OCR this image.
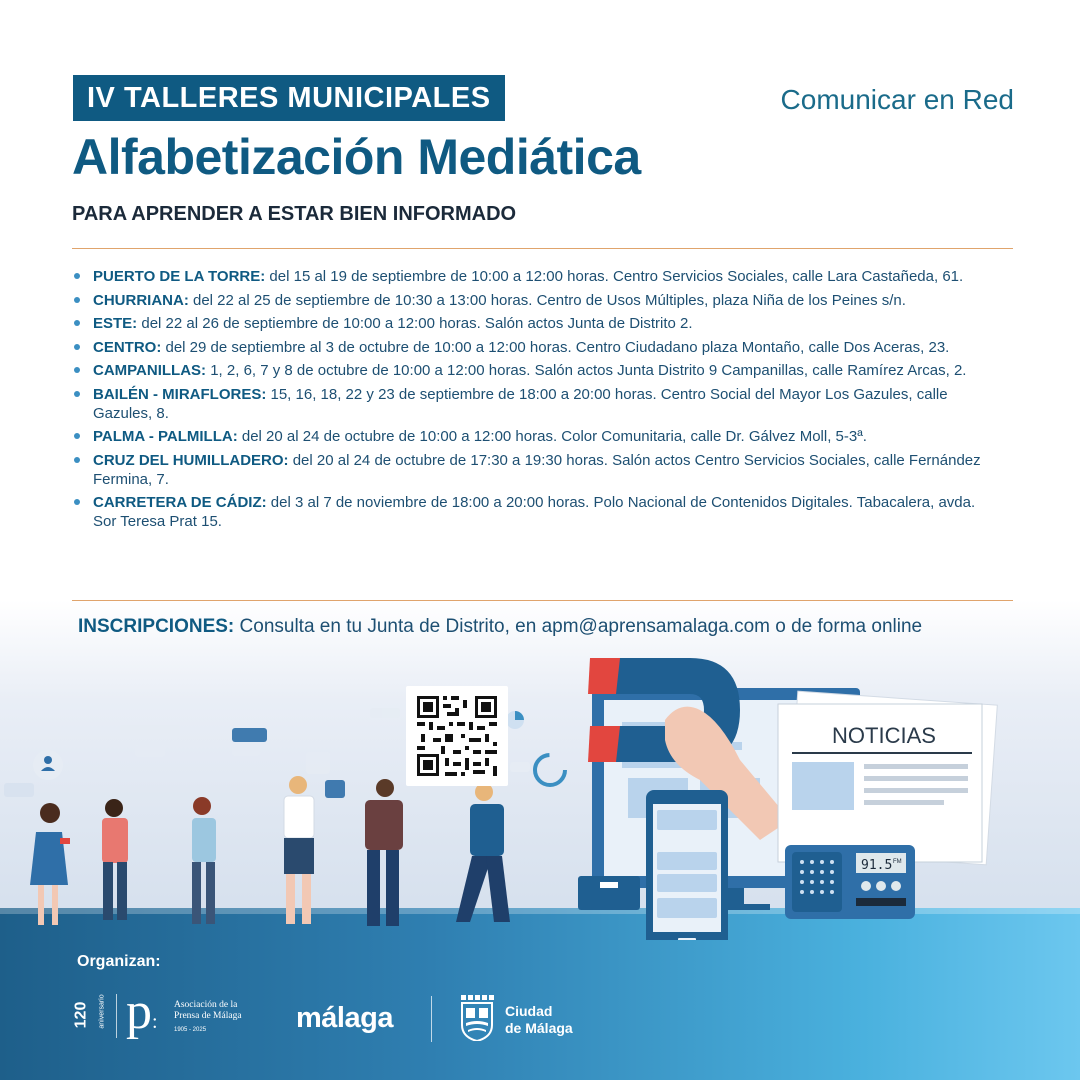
IV TALLERES MUNICIPALES	Comunicar en Red
Alfabetización Mediática
PARA APRENDER A ESTAR BIEN INFORMADO
PUERTO DE LA TORRE: del 15 al 19 de septiembre de 10:00 a 12:00 horas. Centro Servicios Sociales, calle Lara Castañeda, 61.
CHURRIANA: del 22 al 25 de septiembre de 10:30 a 13:00 horas. Centro de Usos Múltiples, plaza Niña de los Peines s/n.
ESTE: del 22 al 26 de septiembre de 10:00 a 12:00 horas. Salón actos Junta de Distrito 2.
CENTRO: del 29 de septiembre al 3 de octubre de 10:00 a 12:00 horas. Centro Ciudadano plaza Montaño, calle Dos Aceras, 23.
CAMPANILLAS: 1, 2, 6, 7 y 8 de octubre de 10:00 a 12:00 horas. Salón actos Junta Distrito 9 Campanillas, calle Ramírez Arcas, 2.
BAILÉN - MIRAFLORES: 15, 16, 18, 22 y 23 de septiembre de 18:00 a 20:00 horas. Centro Social del Mayor Los Gazules, calle Gazules, 8.
PALMA - PALMILLA: del 20 al 24 de octubre de 10:00 a 12:00 horas. Color Comunitaria, calle Dr. Gálvez Moll, 5-3ª.
CRUZ DEL HUMILLADERO: del 20 al 24 de octubre de 17:30 a 19:30 horas. Salón actos Centro Servicios Sociales, calle Fernández Fermina, 7.
CARRETERA DE CÁDIZ: del 3 al 7 de noviembre de 18:00 a 20:00 horas. Polo Nacional de Contenidos Digitales. Tabacalera, avda. Sor Teresa Prat 15.
INSCRIPCIONES: Consulta en tu Junta de Distrito, en apm@aprensamalaga.com o de forma online
NOTICIAS
91.5 FM
Organizan:
120 aniversario p:
Asociación de la
Prensa de Málaga
1905 - 2025	málaga	Ciudad
de Málaga
